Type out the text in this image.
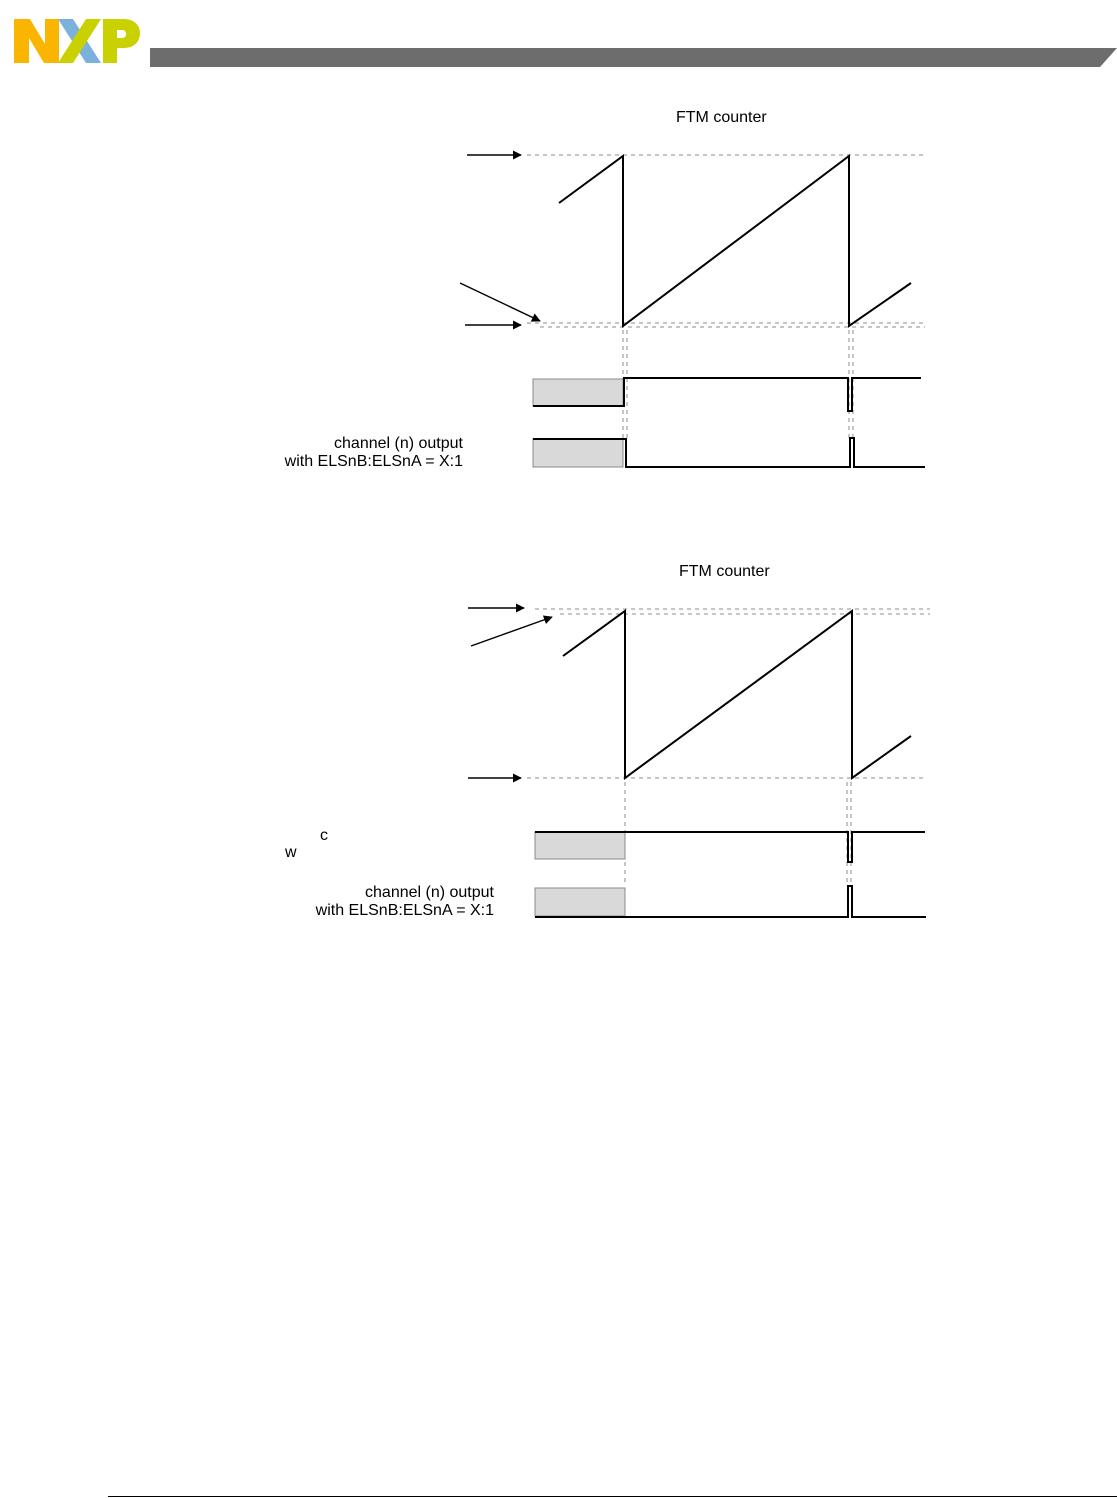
FTM counter
channel (n) output with ELSnB:ELSnA = X:1
FTM counter
c w
channel (n) output with ELSnB:ELSnA = X:1
